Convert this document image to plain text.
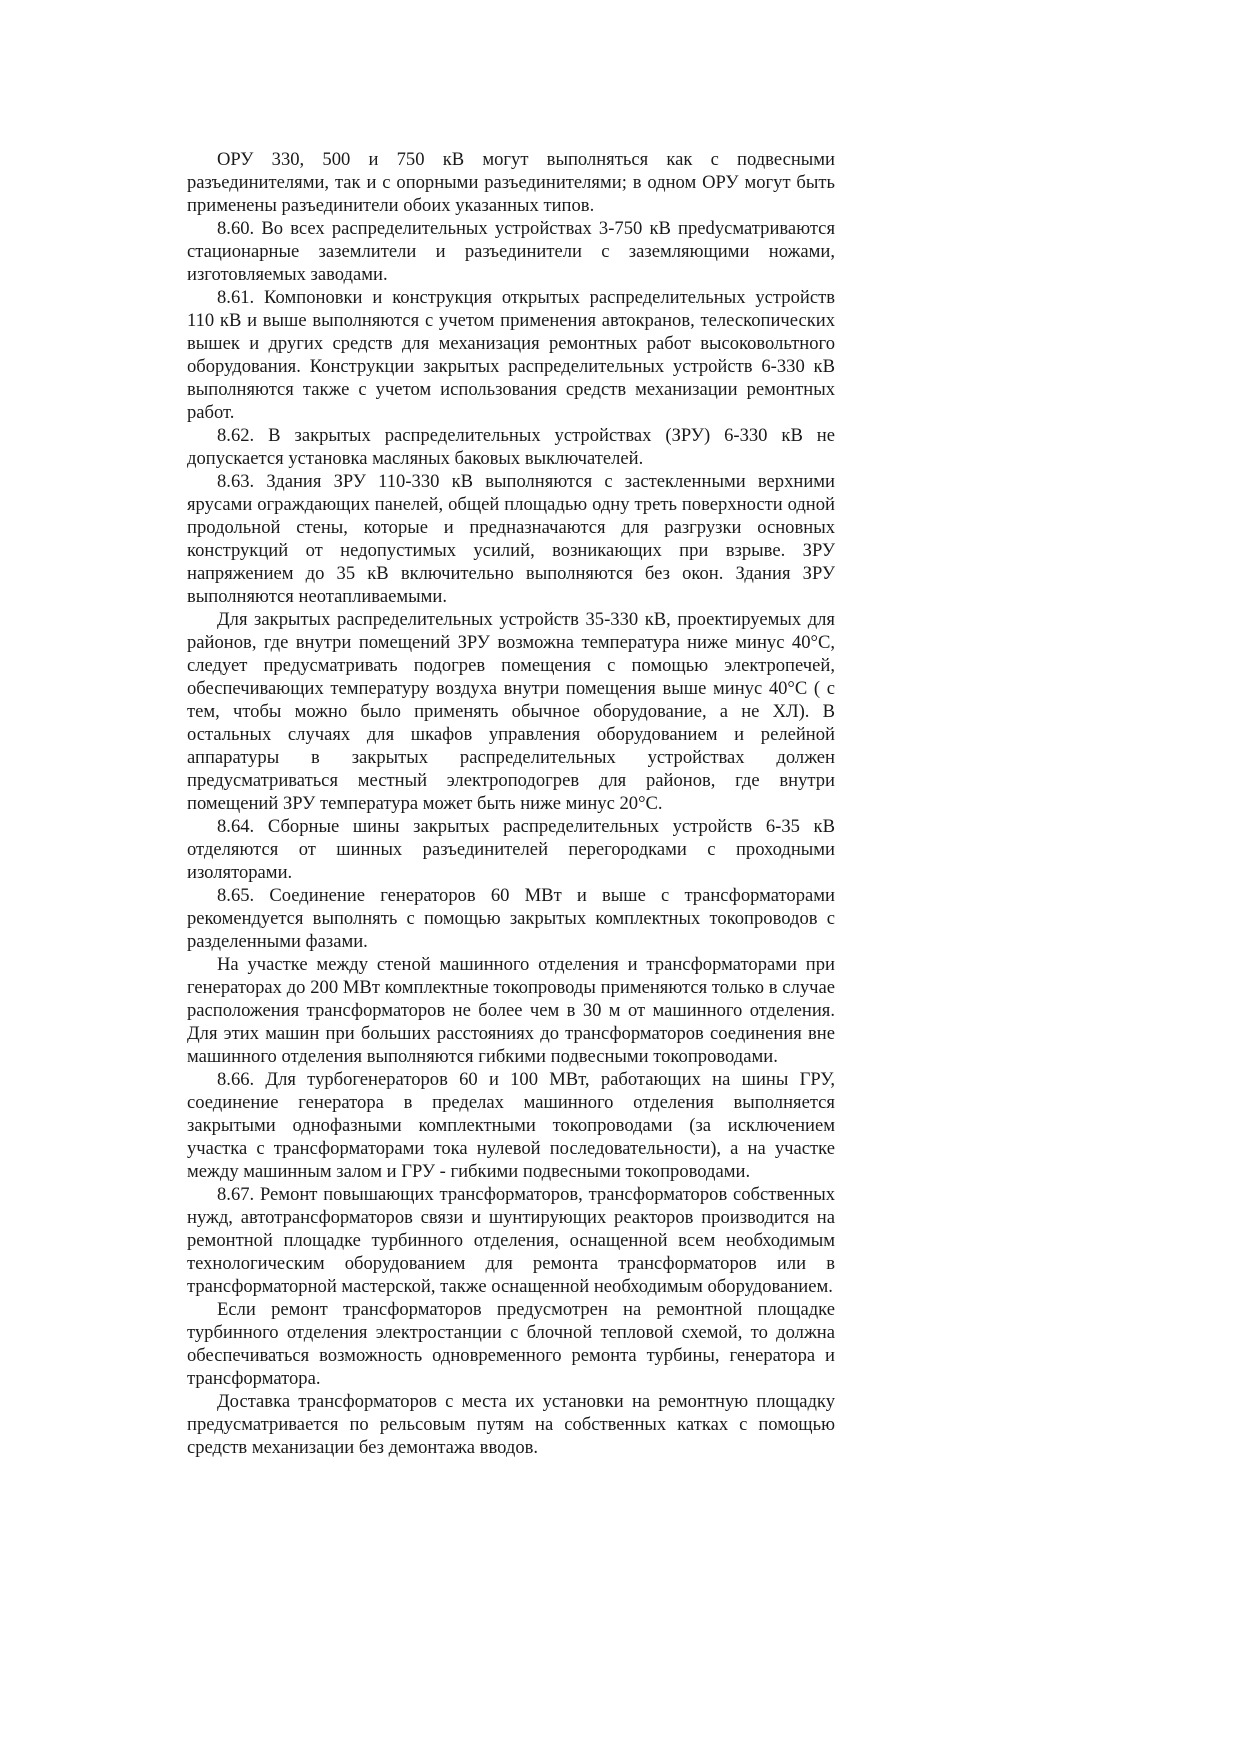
ОРУ 330, 500 и 750 кВ могут выполняться как с подвесными разъединителями, так и с опорными разъединителями; в одном ОРУ могут быть применены разъединители обоих указанных типов.

8.60. Во всех распределительных устройствах 3-750 кВ преdусматриваются стационарные заземлители и разъединители с заземляющими ножами, изготовляемых заводами.

8.61. Компоновки и конструкция открытых распределительных устройств 110 кВ и выше выполняются с учетом применения автокранов, телескопических вышек и других средств для механизация ремонтных работ высоковольтного оборудования. Конструкции закрытых распределительных устройств 6-330 кВ выполняются также с учетом использования средств механизации ремонтных работ.

8.62. В закрытых распределительных устройствах (ЗРУ) 6-330 кВ не допускается установка масляных баковых выключателей.

8.63. Здания ЗРУ 110-330 кВ выполняются с застекленными верхними ярусами ограждающих панелей, общей площадью одну треть поверхности одной продольной стены, которые и предназначаются для разгрузки основных конструкций от недопустимых усилий, возникающих при взрыве. ЗРУ напряжением до 35 кВ включительно выполняются без окон. Здания ЗРУ выполняются неотапливаемыми.

Для закрытых распределительных устройств 35-330 кВ, проектируемых для районов, где внутри помещений ЗРУ возможна температура ниже минус 40°С, следует предусматривать подогрев помещения с помощью электропечей, обеспечивающих температуру воздуха внутри помещения выше минус 40°С ( с тем, чтобы можно было применять обычное оборудование, а не ХЛ). В остальных случаях для шкафов управления оборудованием и релейной аппаратуры в закрытых распределительных устройствах должен предусматриваться местный электроподогрев для районов, где внутри помещений ЗРУ температура может быть ниже минус 20°С.

8.64. Сборные шины закрытых распределительных устройств 6-35 кВ отделяются от шинных разъединителей перегородками с проходными изоляторами.

8.65. Соединение генераторов 60 МВт и выше с трансформаторами рекомендуется выполнять с помощью закрытых комплектных токопроводов с разделенными фазами.

На участке между стеной машинного отделения и трансформаторами при генераторах до 200 МВт комплектные токопроводы применяются только в случае расположения трансформаторов не более чем в 30 м от машинного отделения. Для этих машин при больших расстояниях до трансформаторов соединения вне машинного отделения выполняются гибкими подвесными токопроводами.

8.66. Для турбогенераторов 60 и 100 МВт, работающих на шины ГРУ, соединение генератора в пределах машинного отделения выполняется закрытыми однофазными комплектными токопроводами (за исключением участка с трансформаторами тока нулевой последовательности), а на участке между машинным залом и ГРУ - гибкими подвесными токопроводами.

8.67. Ремонт повышающих трансформаторов, трансформаторов собственных нужд, автотрансформаторов связи и шунтирующих реакторов производится на ремонтной площадке турбинного отделения, оснащенной всем необходимым технологическим оборудованием для ремонта трансформаторов или в трансформаторной мастерской, также оснащенной необходимым оборудованием.

Если ремонт трансформаторов предусмотрен на ремонтной площадке турбинного отделения электростанции с блочной тепловой схемой, то должна обеспечиваться возможность одновременного ремонта турбины, генератора и трансформатора.

Доставка трансформаторов с места их установки на ремонтную площадку предусматривается по рельсовым путям на собственных катках с помощью средств механизации без демонтажа вводов.
